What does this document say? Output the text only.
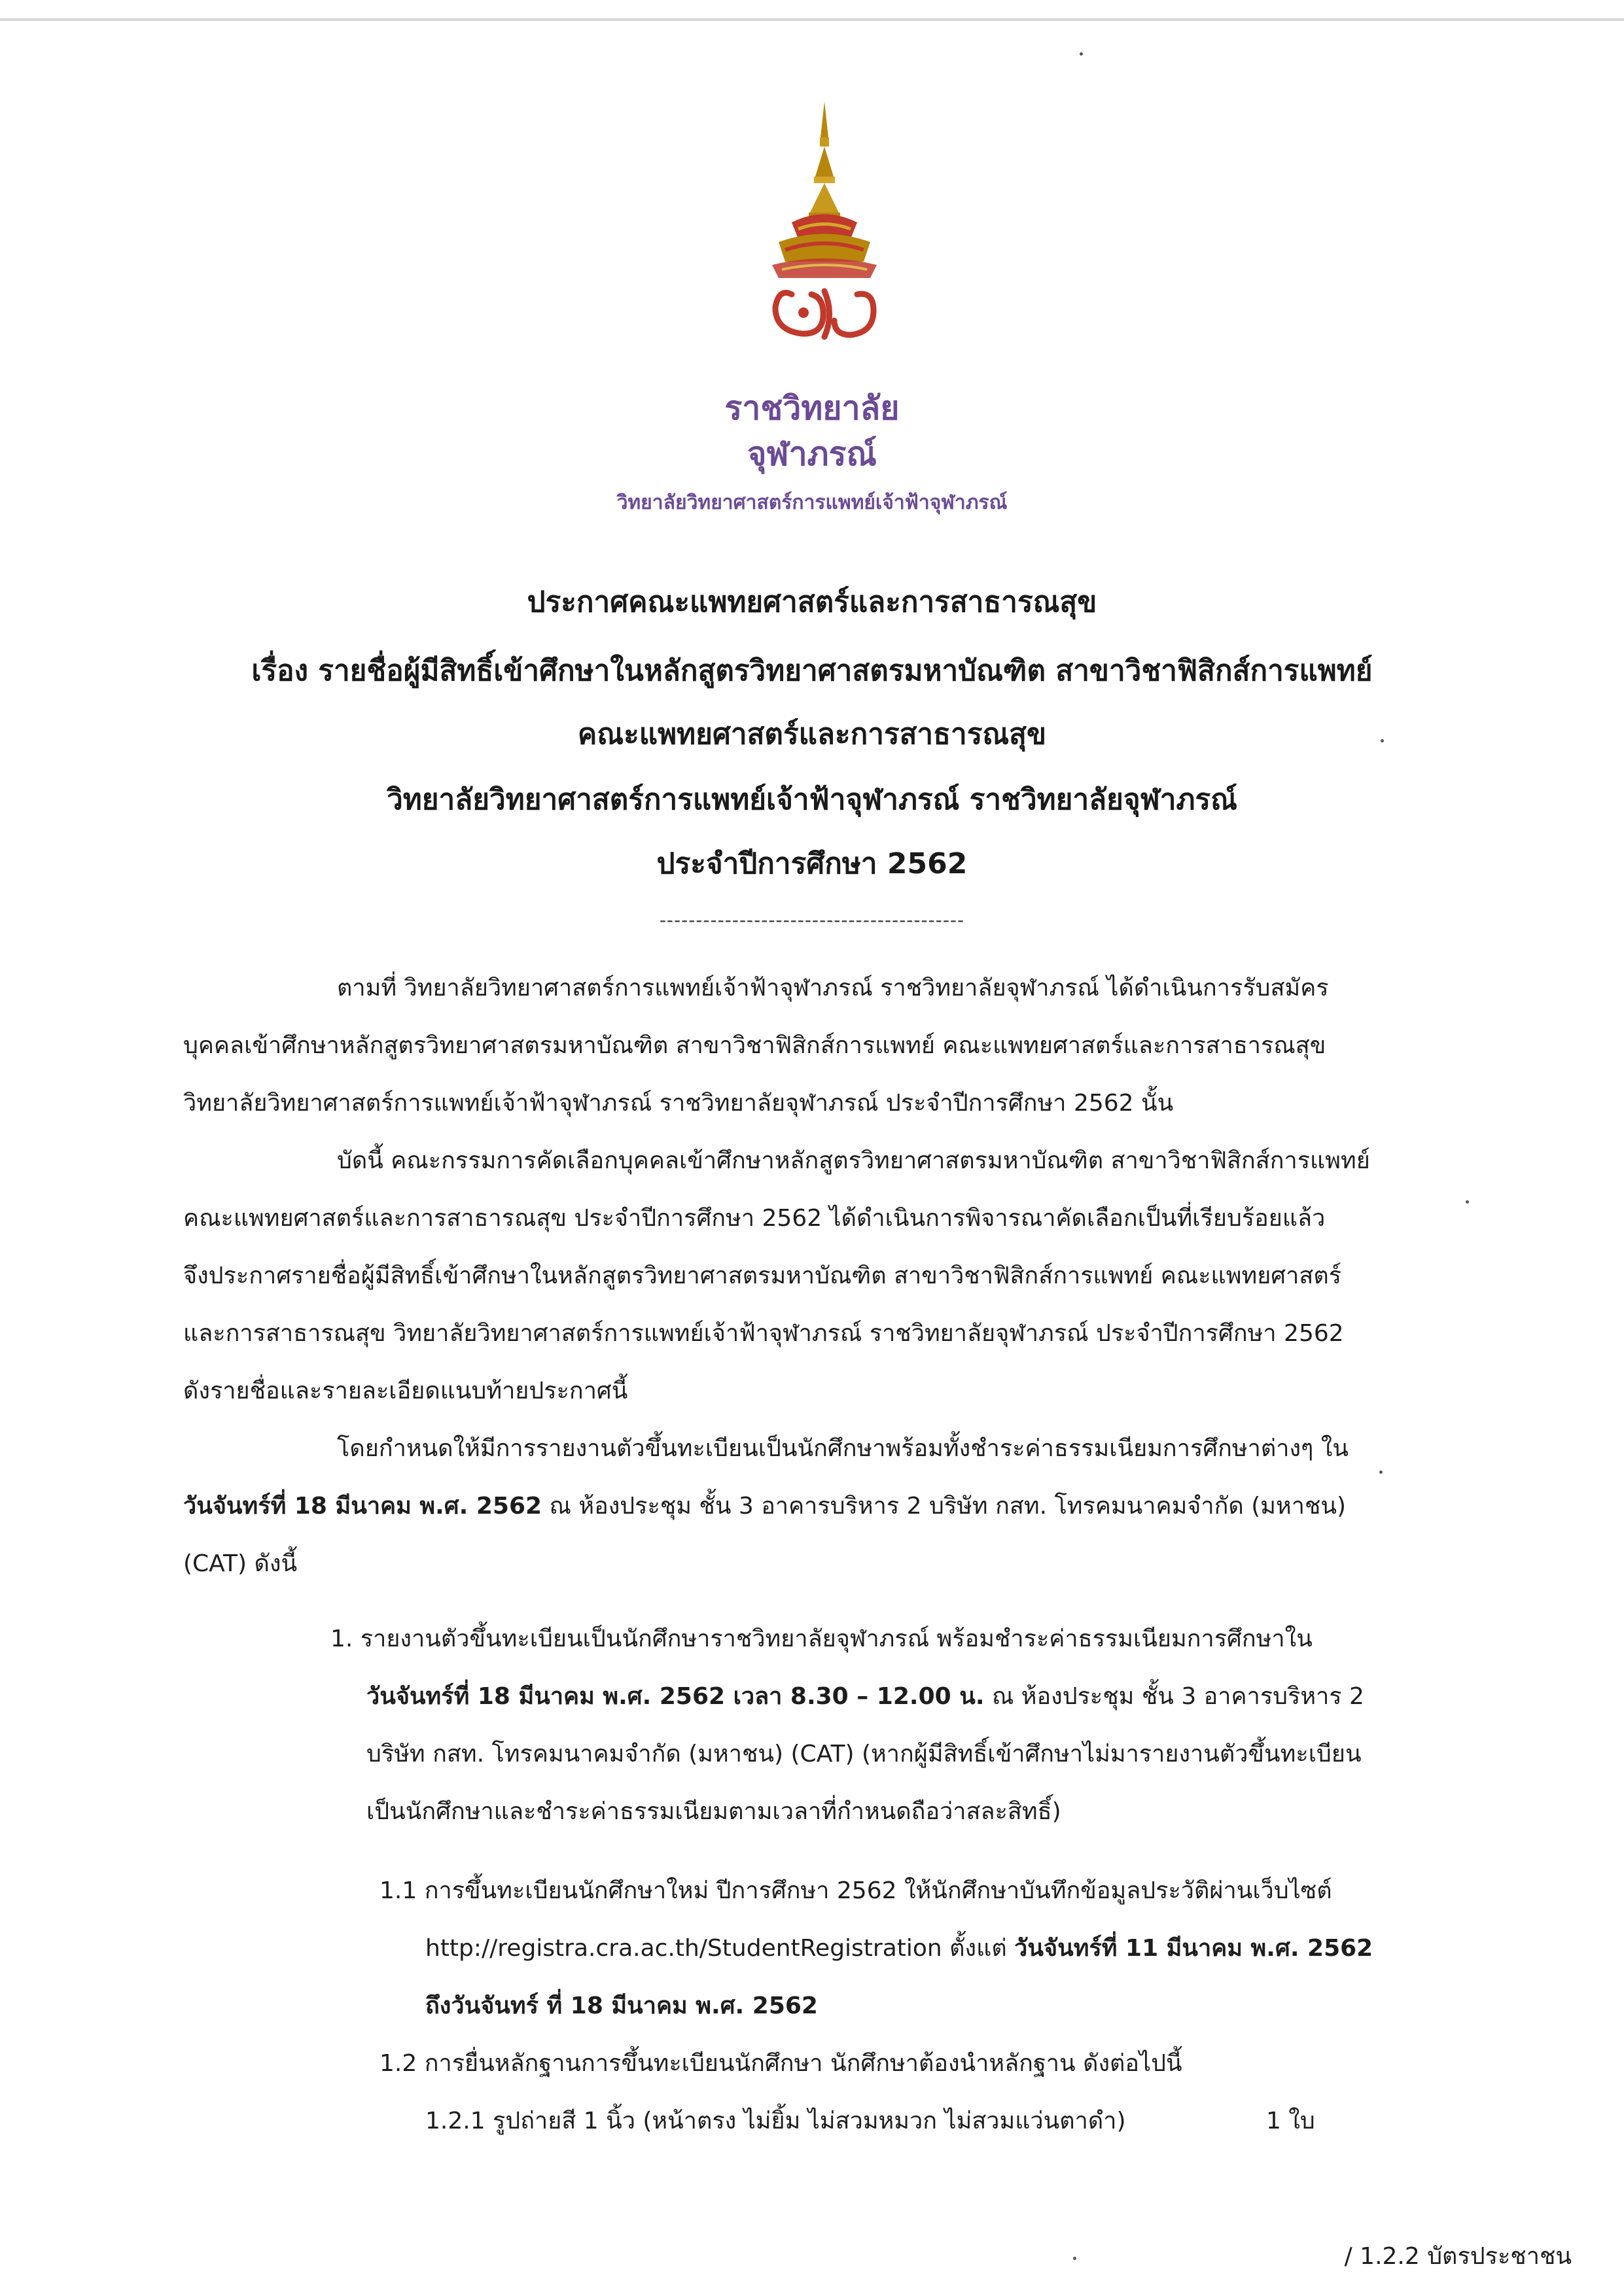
ราชวิทยาลัย
จุฬาภรณ์
วิทยาลัยวิทยาศาสตร์การแพทย์เจ้าฟ้าจุฬาภรณ์
ประกาศคณะแพทยศาสตร์และการสาธารณสุข
เรื่อง รายชื่อผู้มีสิทธิ์เข้าศึกษาในหลักสูตรวิทยาศาสตรมหาบัณฑิต สาขาวิชาฟิสิกส์การแพทย์
คณะแพทยศาสตร์และการสาธารณสุข
วิทยาลัยวิทยาศาสตร์การแพทย์เจ้าฟ้าจุฬาภรณ์ ราชวิทยาลัยจุฬาภรณ์
ประจำปีการศึกษา 2562
------------------------------------------
ตามที่ วิทยาลัยวิทยาศาสตร์การแพทย์เจ้าฟ้าจุฬาภรณ์ ราชวิทยาลัยจุฬาภรณ์ ได้ดำเนินการรับสมัคร
บุคคลเข้าศึกษาหลักสูตรวิทยาศาสตรมหาบัณฑิต สาขาวิชาฟิสิกส์การแพทย์ คณะแพทยศาสตร์และการสาธารณสุข
วิทยาลัยวิทยาศาสตร์การแพทย์เจ้าฟ้าจุฬาภรณ์ ราชวิทยาลัยจุฬาภรณ์ ประจำปีการศึกษา 2562 นั้น
บัดนี้ คณะกรรมการคัดเลือกบุคคลเข้าศึกษาหลักสูตรวิทยาศาสตรมหาบัณฑิต สาขาวิชาฟิสิกส์การแพทย์
คณะแพทยศาสตร์และการสาธารณสุข ประจำปีการศึกษา 2562 ได้ดำเนินการพิจารณาคัดเลือกเป็นที่เรียบร้อยแล้ว
จึงประกาศรายชื่อผู้มีสิทธิ์เข้าศึกษาในหลักสูตรวิทยาศาสตรมหาบัณฑิต สาขาวิชาฟิสิกส์การแพทย์ คณะแพทยศาสตร์
และการสาธารณสุข วิทยาลัยวิทยาศาสตร์การแพทย์เจ้าฟ้าจุฬาภรณ์ ราชวิทยาลัยจุฬาภรณ์ ประจำปีการศึกษา 2562
ดังรายชื่อและรายละเอียดแนบท้ายประกาศนี้
โดยกำหนดให้มีการรายงานตัวขึ้นทะเบียนเป็นนักศึกษาพร้อมทั้งชำระค่าธรรมเนียมการศึกษาต่างๆ ใน
วันจันทร์ที่ 18 มีนาคม พ.ศ. 2562 ณ ห้องประชุม ชั้น 3 อาคารบริหาร 2 บริษัท กสท. โทรคมนาคมจำกัด (มหาชน)
(CAT) ดังนี้
1. รายงานตัวขึ้นทะเบียนเป็นนักศึกษาราชวิทยาลัยจุฬาภรณ์ พร้อมชำระค่าธรรมเนียมการศึกษาใน
วันจันทร์ที่ 18 มีนาคม พ.ศ. 2562 เวลา 8.30 – 12.00 น. ณ ห้องประชุม ชั้น 3 อาคารบริหาร 2
บริษัท กสท. โทรคมนาคมจำกัด (มหาชน) (CAT) (หากผู้มีสิทธิ์เข้าศึกษาไม่มารายงานตัวขึ้นทะเบียน
เป็นนักศึกษาและชำระค่าธรรมเนียมตามเวลาที่กำหนดถือว่าสละสิทธิ์)
1.1 การขึ้นทะเบียนนักศึกษาใหม่ ปีการศึกษา 2562 ให้นักศึกษาบันทึกข้อมูลประวัติผ่านเว็บไซต์
http://registra.cra.ac.th/StudentRegistration ตั้งแต่ วันจันทร์ที่ 11 มีนาคม พ.ศ. 2562
ถึงวันจันทร์ ที่ 18 มีนาคม พ.ศ. 2562
1.2 การยื่นหลักฐานการขึ้นทะเบียนนักศึกษา นักศึกษาต้องนำหลักฐาน ดังต่อไปนี้
1.2.1 รูปถ่ายสี 1 นิ้ว (หน้าตรง ไม่ยิ้ม ไม่สวมหมวก ไม่สวมแว่นตาดำ)	1 ใบ
/ 1.2.2 บัตรประชาชน
